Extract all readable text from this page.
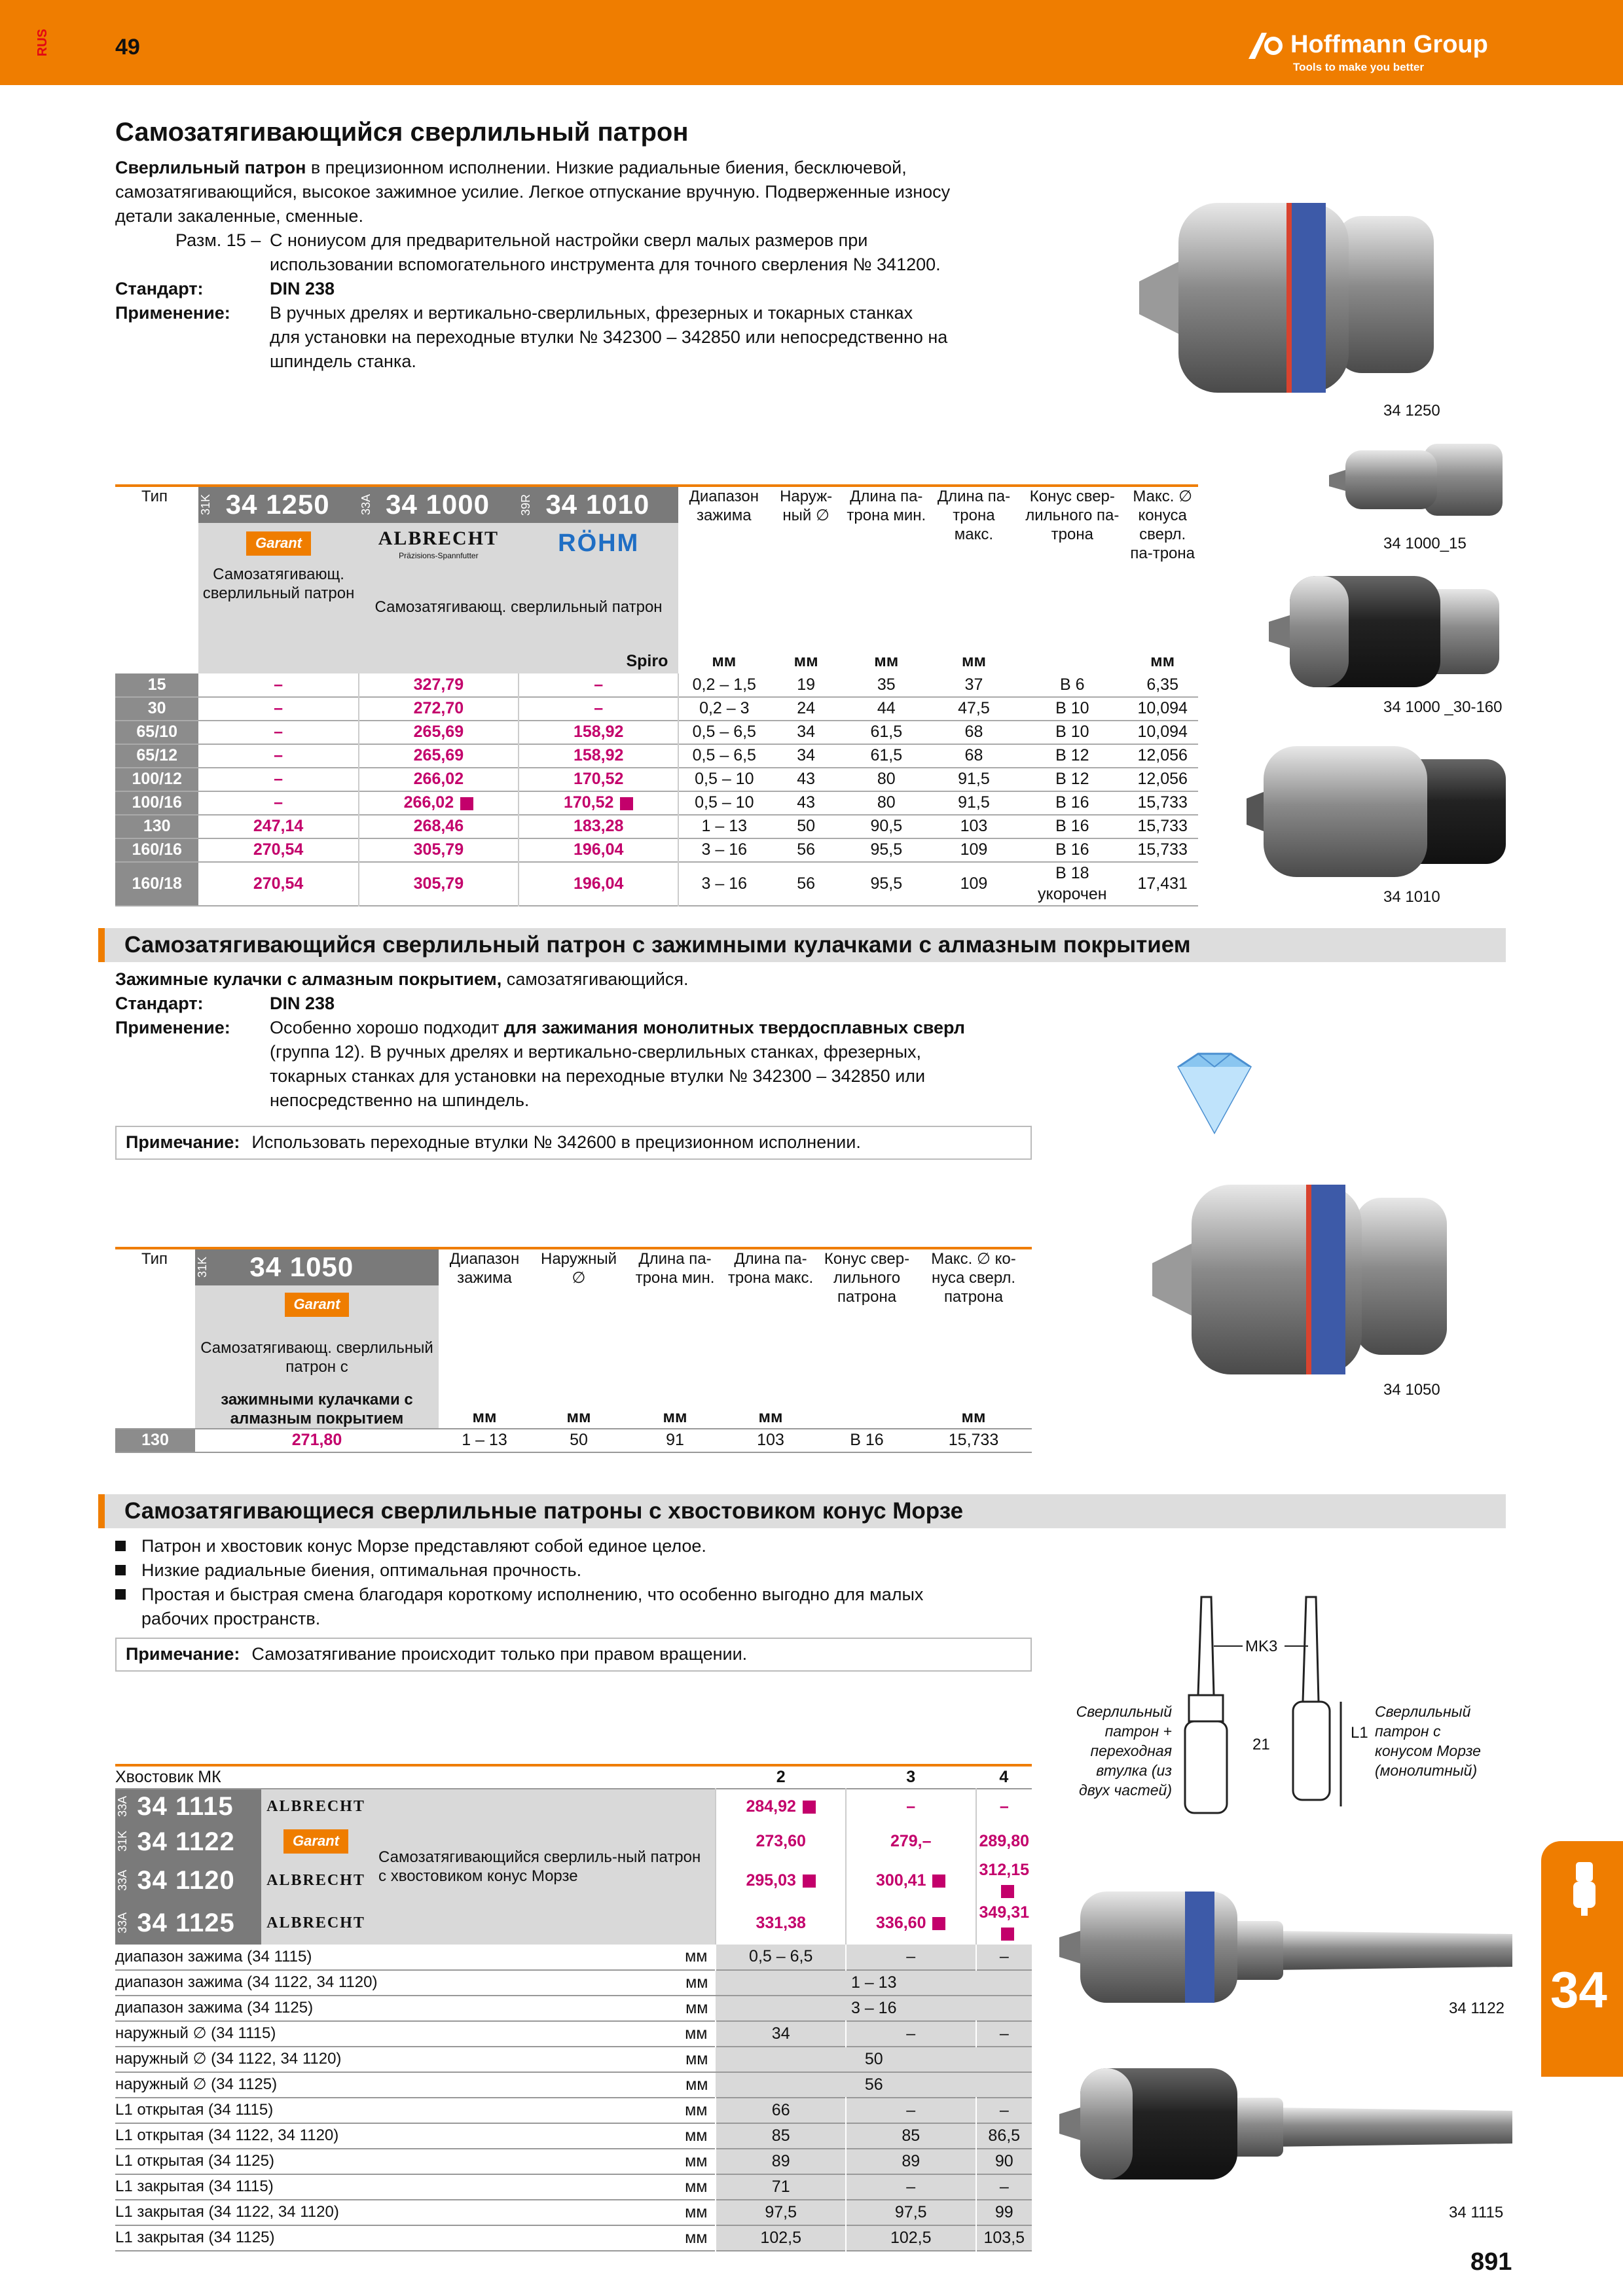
RUS	49	Hoffmann Group
Tools to make you better
Самозатягивающийся сверлильный патрон
Сверлильный патрон в прецизионном исполнении. Низкие радиальные биения, бесключевой,
самозатягивающийся, высокое зажимное усилие. Легкое отпускание вручную. Подверженные износу
детали закаленные, сменные.
Разм. 15 – С нониусом для предварительной настройки сверл малых размеров при
использовании вспомогательного инструмента для точного сверления № 341200.
Стандарт:	DIN 238
Применение:	В ручных дрелях и вертикально-сверлильных, фрезерных и токарных станках
для установки на переходные втулки № 342300 – 342850 или непосредственно на
шпиндель станка.
34 1250
34 1000_15
34 1000 _30-160
34 1010
Тип	31K 34 1250	33A 34 1000	39R 34 1010	Диапазон зажима	Наруж-ный ∅	Длина па-трона мин.	Длина па-трона макс.	Конус свер-лильного па-трона	Макс. ∅ конуса сверл. па-трона
	Garant	ALBRECHT
Präzisions-Spannfutter	RÖHM						
	Самозатягивающ. сверлильный патрон	Самозатягивающ. сверлильный патрон							
			Spiro	мм	мм	мм	мм		мм
15	–	327,79	–	0,2 – 1,5	19	35	37	B 6	6,35
30	–	272,70	–	0,2 – 3	24	44	47,5	B 10	10,094
65/10	–	265,69	158,92	0,5 – 6,5	34	61,5	68	B 10	10,094
65/12	–	265,69	158,92	0,5 – 6,5	34	61,5	68	B 12	12,056
100/12	–	266,02	170,52	0,5 – 10	43	80	91,5	B 12	12,056
100/16	–	266,02	170,52	0,5 – 10	43	80	91,5	B 16	15,733
130	247,14	268,46	183,28	1 – 13	50	90,5	103	B 16	15,733
160/16	270,54	305,79	196,04	3 – 16	56	95,5	109	B 16	15,733
160/18	270,54	305,79	196,04	3 – 16	56	95,5	109	B 18 укорочен	17,431
Самозатягивающийся сверлильный патрон с зажимными кулачками с алмазным покрытием
Зажимные кулачки с алмазным покрытием, самозатягивающийся.
Стандарт:	DIN 238
Применение:	Особенно хорошо подходит для зажимания монолитных твердосплавных сверл
(группа 12). В ручных дрелях и вертикально-сверлильных станках, фрезерных,
токарных станках для установки на переходные втулки № 342300 – 342850 или
непосредственно на шпиндель.
Примечание: Использовать переходные втулки № 342600 в прецизионном исполнении.
34 1050
Тип	31K 34 1050	Диапазон зажима	Наружный ∅	Длина па-трона мин.	Длина па-трона макс.	Конус свер-лильного патрона	Макс. ∅ ко-нуса сверл. патрона
	Garant						
	Самозатягивающ. сверлильный патрон с						
	зажимными кулачками с алмазным покрытием	мм	мм	мм	мм		мм
130	271,80	1 – 13	50	91	103	B 16	15,733
Самозатягивающиеся сверлильные патроны с хвостовиком конус Морзе
Патрон и хвостовик конус Морзе представляют собой единое целое.
Низкие радиальные биения, оптимальная прочность.
Простая и быстрая смена благодаря короткому исполнению, что особенно выгодно для малых
рабочих пространств.
Примечание: Самозатягивание происходит только при правом вращении.	MK3
L1
21
Сверлильный
патрон +
переходная
втулка (из
двух частей)
Сверлильный
патрон с
конусом Морзе
(монолитный)
34 1122
34 1115
Хвостовик МК				2	3	4

33A 34 1115	ALBRECHT	Самозатягивающийся сверлиль-ный патрон с хвостовиком конус Морзе		284,92	–	–

31K 34 1122	Garant			273,60	279,–	289,80

33A 34 1120	ALBRECHT			295,03	300,41	312,15

33A 34 1125	ALBRECHT			331,38	336,60	349,31
диапазон зажима (34 1115)			мм	0,5 – 6,5	–	–
диапазон зажима (34 1122, 34 1120)			мм	1 – 13		
диапазон зажима (34 1125)			мм	3 – 16		
наружный ∅ (34 1115)			мм	34	–	–
наружный ∅ (34 1122, 34 1120)			мм	50		
наружный ∅ (34 1125)			мм	56		
L1 открытая (34 1115)			мм	66	–	–
L1 открытая (34 1122, 34 1120)			мм	85	85	86,5
L1 открытая (34 1125)			мм	89	89	90
L1 закрытая (34 1115)			мм	71	–	–
L1 закрытая (34 1122, 34 1120)			мм	97,5	97,5	99
L1 закрытая (34 1125)			мм	102,5	102,5	103,5
34
891
